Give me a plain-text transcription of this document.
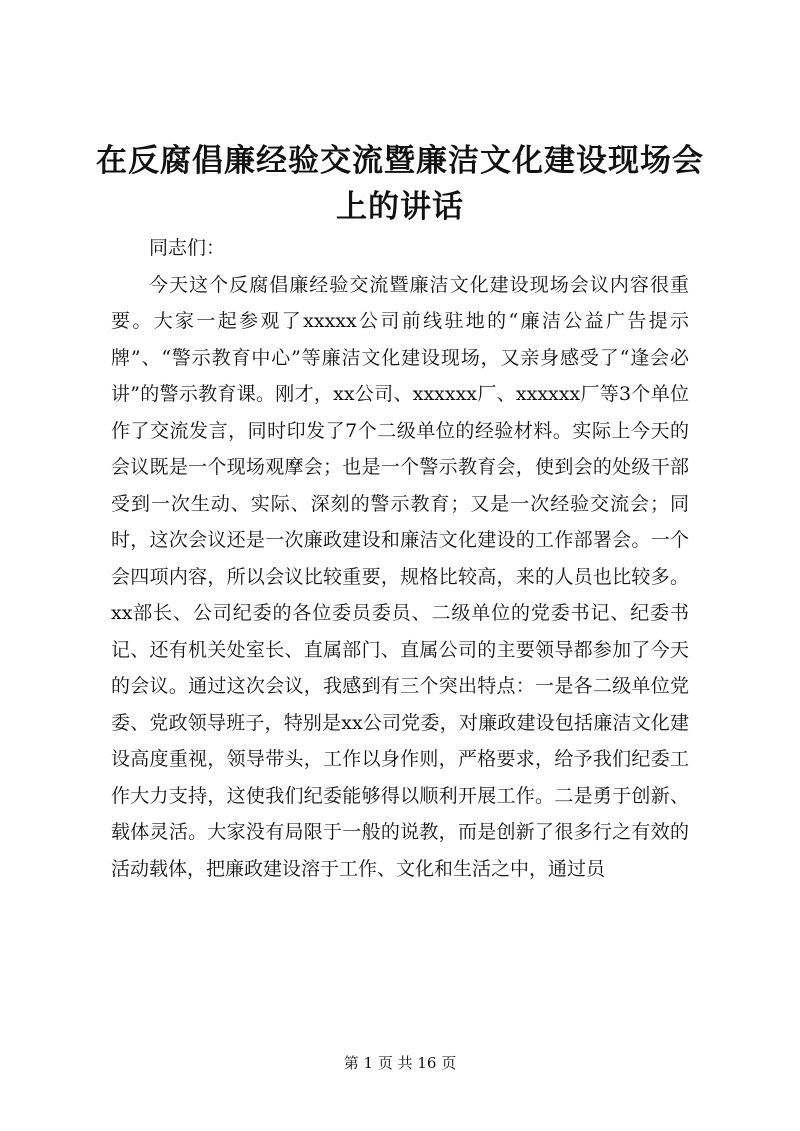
在反腐倡廉经验交流暨廉洁文化建设现场会上的讲话

同志们：

今天这个反腐倡廉经验交流暨廉洁文化建设现场会议内容很重要。大家一起参观了xxxxx公司前线驻地的“廉洁公益广告提示牌”、“警示教育中心”等廉洁文化建设现场，又亲身感受了“逢会必讲”的警示教育课。刚才，xx公司、xxxxxx厂、xxxxxx厂等3个单位作了交流发言，同时印发了7个二级单位的经验材料。实际上今天的会议既是一个现场观摩会；也是一个警示教育会，使到会的处级干部受到一次生动、实际、深刻的警示教育；又是一次经验交流会；同时，这次会议还是一次廉政建设和廉洁文化建设的工作部署会。一个会四项内容，所以会议比较重要，规格比较高，来的人员也比较多。xx部长、公司纪委的各位委员委员、二级单位的党委书记、纪委书记、还有机关处室长、直属部门、直属公司的主要领导都参加了今天的会议。通过这次会议，我感到有三个突出特点：一是各二级单位党委、党政领导班子，特别是xx公司党委，对廉政建设包括廉洁文化建设高度重视，领导带头，工作以身作则，严格要求，给予我们纪委工作大力支持，这使我们纪委能够得以顺利开展工作。二是勇于创新、载体灵活。大家没有局限于一般的说教，而是创新了很多行之有效的活动载体，把廉政建设溶于工作、文化和生活之中，通过员

第 1 页 共 16 页
